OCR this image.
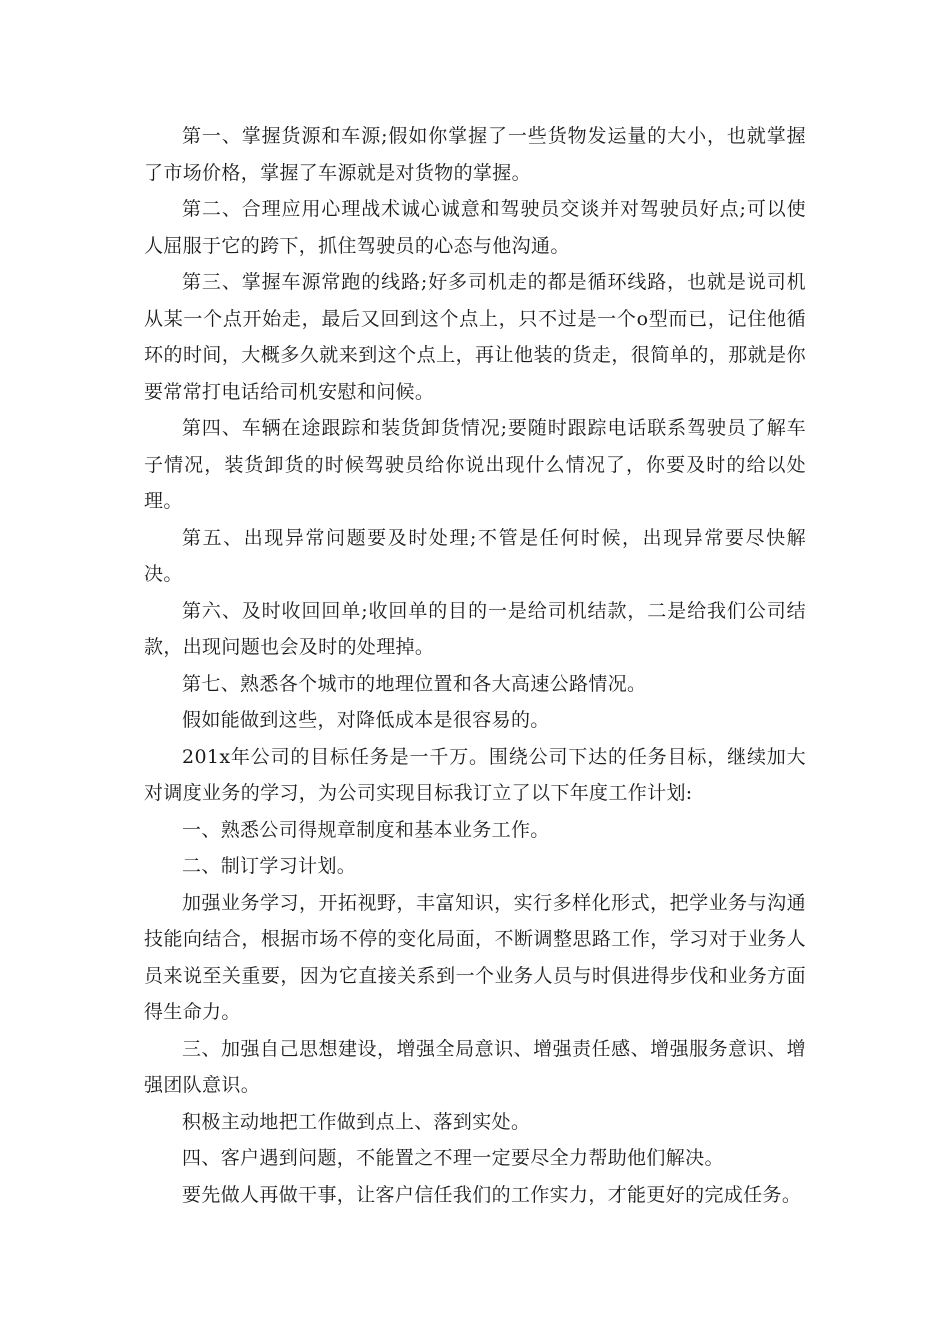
第一、掌握货源和车源;假如你掌握了一些货物发运量的大小，也就掌握了市场价格，掌握了车源就是对货物的掌握。

第二、合理应用心理战术诚心诚意和驾驶员交谈并对驾驶员好点;可以使人屈服于它的跨下，抓住驾驶员的心态与他沟通。

第三、掌握车源常跑的线路;好多司机走的都是循环线路，也就是说司机从某一个点开始走，最后又回到这个点上，只不过是一个o型而已，记住他循环的时间，大概多久就来到这个点上，再让他装的货走，很简单的，那就是你要常常打电话给司机安慰和问候。

第四、车辆在途跟踪和装货卸货情况;要随时跟踪电话联系驾驶员了解车子情况，装货卸货的时候驾驶员给你说出现什么情况了，你要及时的给以处理。

第五、出现异常问题要及时处理;不管是任何时候，出现异常要尽快解决。

第六、及时收回回单;收回单的目的一是给司机结款，二是给我们公司结款，出现问题也会及时的处理掉。

第七、熟悉各个城市的地理位置和各大高速公路情况。

假如能做到这些，对降低成本是很容易的。

201x年公司的目标任务是一千万。围绕公司下达的任务目标，继续加大对调度业务的学习，为公司实现目标我订立了以下年度工作计划:

一、熟悉公司得规章制度和基本业务工作。

二、制订学习计划。

加强业务学习，开拓视野，丰富知识，实行多样化形式，把学业务与沟通技能向结合，根据市场不停的变化局面，不断调整思路工作，学习对于业务人员来说至关重要，因为它直接关系到一个业务人员与时俱进得步伐和业务方面得生命力。

三、加强自己思想建设，增强全局意识、增强责任感、增强服务意识、增强团队意识。

积极主动地把工作做到点上、落到实处。

四、客户遇到问题，不能置之不理一定要尽全力帮助他们解决。

要先做人再做干事，让客户信任我们的工作实力，才能更好的完成任务。
